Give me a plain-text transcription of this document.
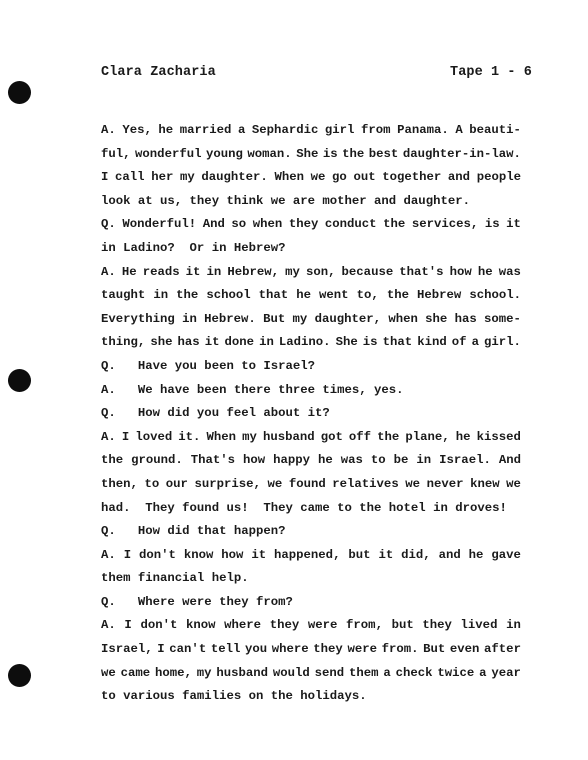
Clara Zacharia	Tape 1 - 6
A. Yes, he married a Sephardic girl from Panama. A beauti-
ful, wonderful young woman. She is the best daughter-in-law.
I call her my daughter. When we go out together and people
look at us, they think we are mother and daughter.
Q. Wonderful! And so when they conduct the services, is it
in Ladino?  Or in Hebrew?
A. He reads it in Hebrew, my son, because that's how he was
taught in the school that he went to, the Hebrew school.
Everything in Hebrew. But my daughter, when she has some-
thing, she has it done in Ladino. She is that kind of a girl.
Q.   Have you been to Israel?
A.   We have been there three times, yes.
Q.   How did you feel about it?
A. I loved it. When my husband got off the plane, he kissed
the ground. That's how happy he was to be in Israel. And
then, to our surprise, we found relatives we never knew we
had.  They found us!  They came to the hotel in droves!
Q.   How did that happen?
A. I don't know how it happened, but it did, and he gave
them financial help.
Q.   Where were they from?
A. I don't know where they were from, but they lived in
Israel, I can't tell you where they were from. But even after
we came home, my husband would send them a check twice a year
to various families on the holidays.
